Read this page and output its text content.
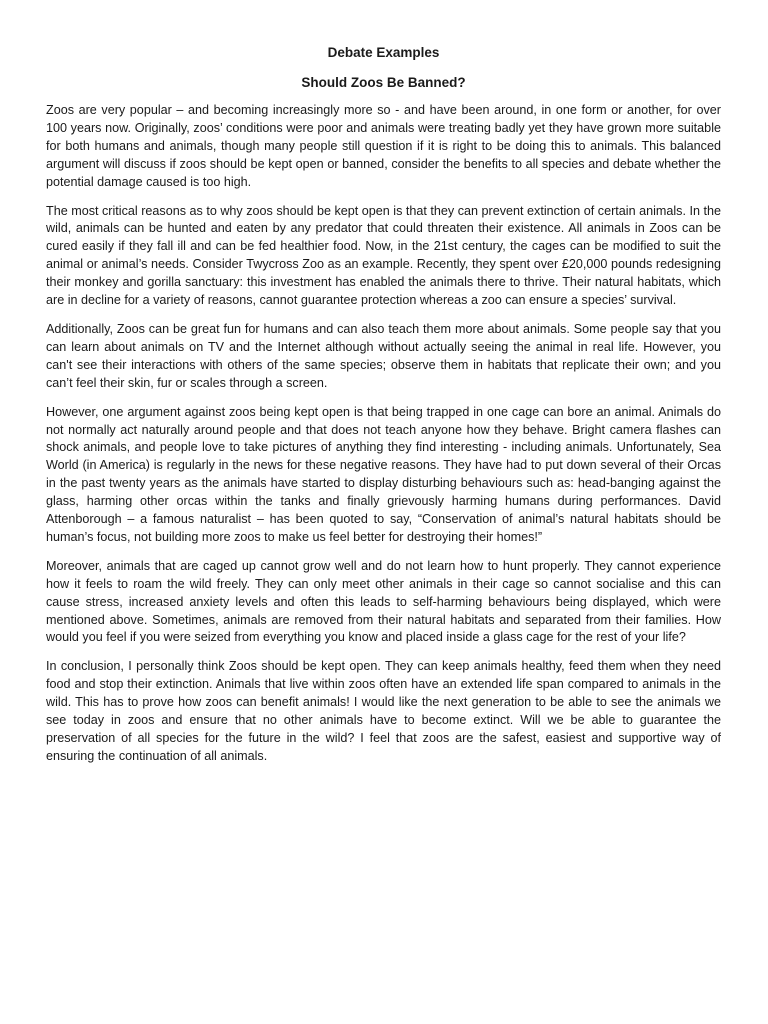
Debate Examples
Should Zoos Be Banned?

Zoos are very popular – and becoming increasingly more so - and have been around, in one form or another, for over 100 years now. Originally, zoos’ conditions were poor and animals were treating badly yet they have grown more suitable for both humans and animals, though many people still question if it is right to be doing this to animals. This balanced argument will discuss if zoos should be kept open or banned, consider the benefits to all species and debate whether the potential damage caused is too high.

The most critical reasons as to why zoos should be kept open is that they can prevent extinction of certain animals. In the wild, animals can be hunted and eaten by any predator that could threaten their existence. All animals in Zoos can be cured easily if they fall ill and can be fed healthier food. Now, in the 21st century, the cages can be modified to suit the animal or animal’s needs. Consider Twycross Zoo as an example. Recently, they spent over £20,000 pounds redesigning their monkey and gorilla sanctuary: this investment has enabled the animals there to thrive. Their natural habitats, which are in decline for a variety of reasons, cannot guarantee protection whereas a zoo can ensure a species’ survival.

Additionally, Zoos can be great fun for humans and can also teach them more about animals. Some people say that you can learn about animals on TV and the Internet although without actually seeing the animal in real life. However, you can't see their interactions with others of the same species; observe them in habitats that replicate their own; and you can’t feel their skin, fur or scales through a screen.

However, one argument against zoos being kept open is that being trapped in one cage can bore an animal. Animals do not normally act naturally around people and that does not teach anyone how they behave. Bright camera flashes can shock animals, and people love to take pictures of anything they find interesting - including animals. Unfortunately, Sea World (in America) is regularly in the news for these negative reasons. They have had to put down several of their Orcas in the past twenty years as the animals have started to display disturbing behaviours such as: head-banging against the glass, harming other orcas within the tanks and finally grievously harming humans during performances. David Attenborough – a famous naturalist – has been quoted to say, “Conservation of animal’s natural habitats should be human’s focus, not building more zoos to make us feel better for destroying their homes!”

Moreover, animals that are caged up cannot grow well and do not learn how to hunt properly. They cannot experience how it feels to roam the wild freely. They can only meet other animals in their cage so cannot socialise and this can cause stress, increased anxiety levels and often this leads to self-harming behaviours being displayed, which were mentioned above. Sometimes, animals are removed from their natural habitats and separated from their families. How would you feel if you were seized from everything you know and placed inside a glass cage for the rest of your life?

In conclusion, I personally think Zoos should be kept open. They can keep animals healthy, feed them when they need food and stop their extinction. Animals that live within zoos often have an extended life span compared to animals in the wild. This has to prove how zoos can benefit animals! I would like the next generation to be able to see the animals we see today in zoos and ensure that no other animals have to become extinct. Will we be able to guarantee the preservation of all species for the future in the wild? I feel that zoos are the safest, easiest and supportive way of ensuring the continuation of all animals.
